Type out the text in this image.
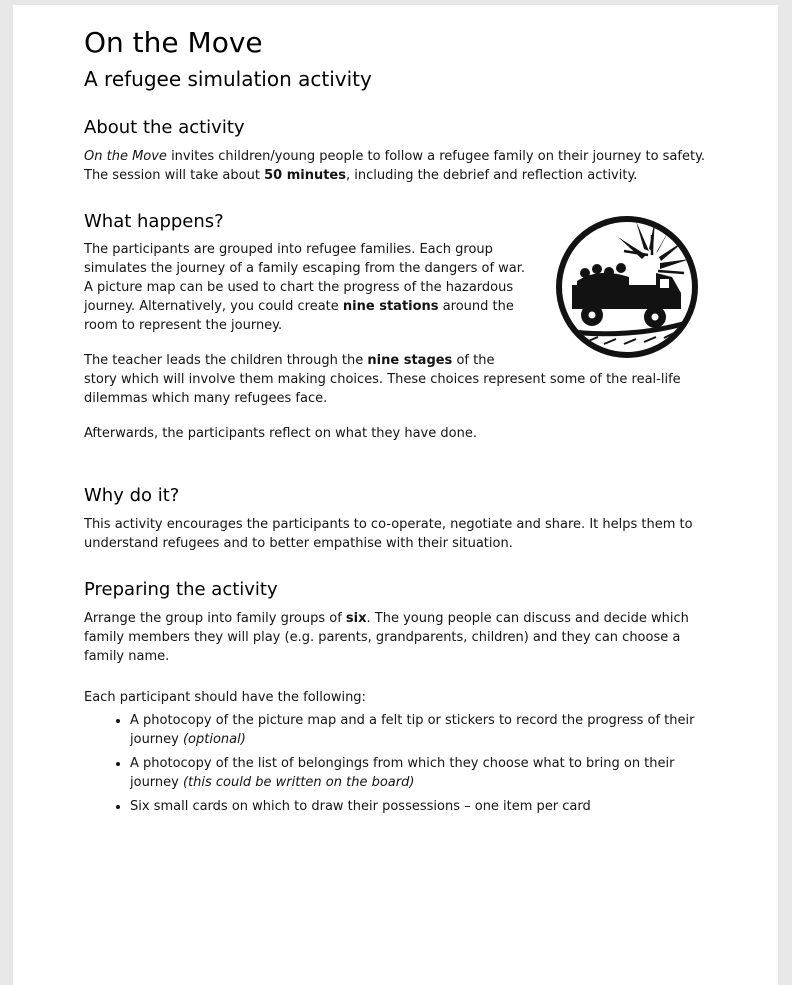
On the Move
A refugee simulation activity
About the activity

On the Move invites children/young people to follow a refugee family on their journey to safety. The session will take about 50 minutes, including the debrief and reflection activity.

What happens?

The participants are grouped into refugee families. Each group simulates the journey of a family escaping from the dangers of war. A picture map can be used to chart the progress of the hazardous journey. Alternatively, you could create nine stations around the room to represent the journey.

The teacher leads the children through the nine stages of the story which will involve them making choices. These choices represent some of the real-life dilemmas which many refugees face.

Afterwards, the participants reflect on what they have done.

Why do it?

This activity encourages the participants to co-operate, negotiate and share. It helps them to understand refugees and to better empathise with their situation.

Preparing the activity

Arrange the group into family groups of six. The young people can discuss and decide which family members they will play (e.g. parents, grandparents, children) and they can choose a family name.

Each participant should have the following:

• A photocopy of the picture map and a felt tip or stickers to record the progress of their journey (optional)
• A photocopy of the list of belongings from which they choose what to bring on their journey (this could be written on the board)
• Six small cards on which to draw their possessions – one item per card
